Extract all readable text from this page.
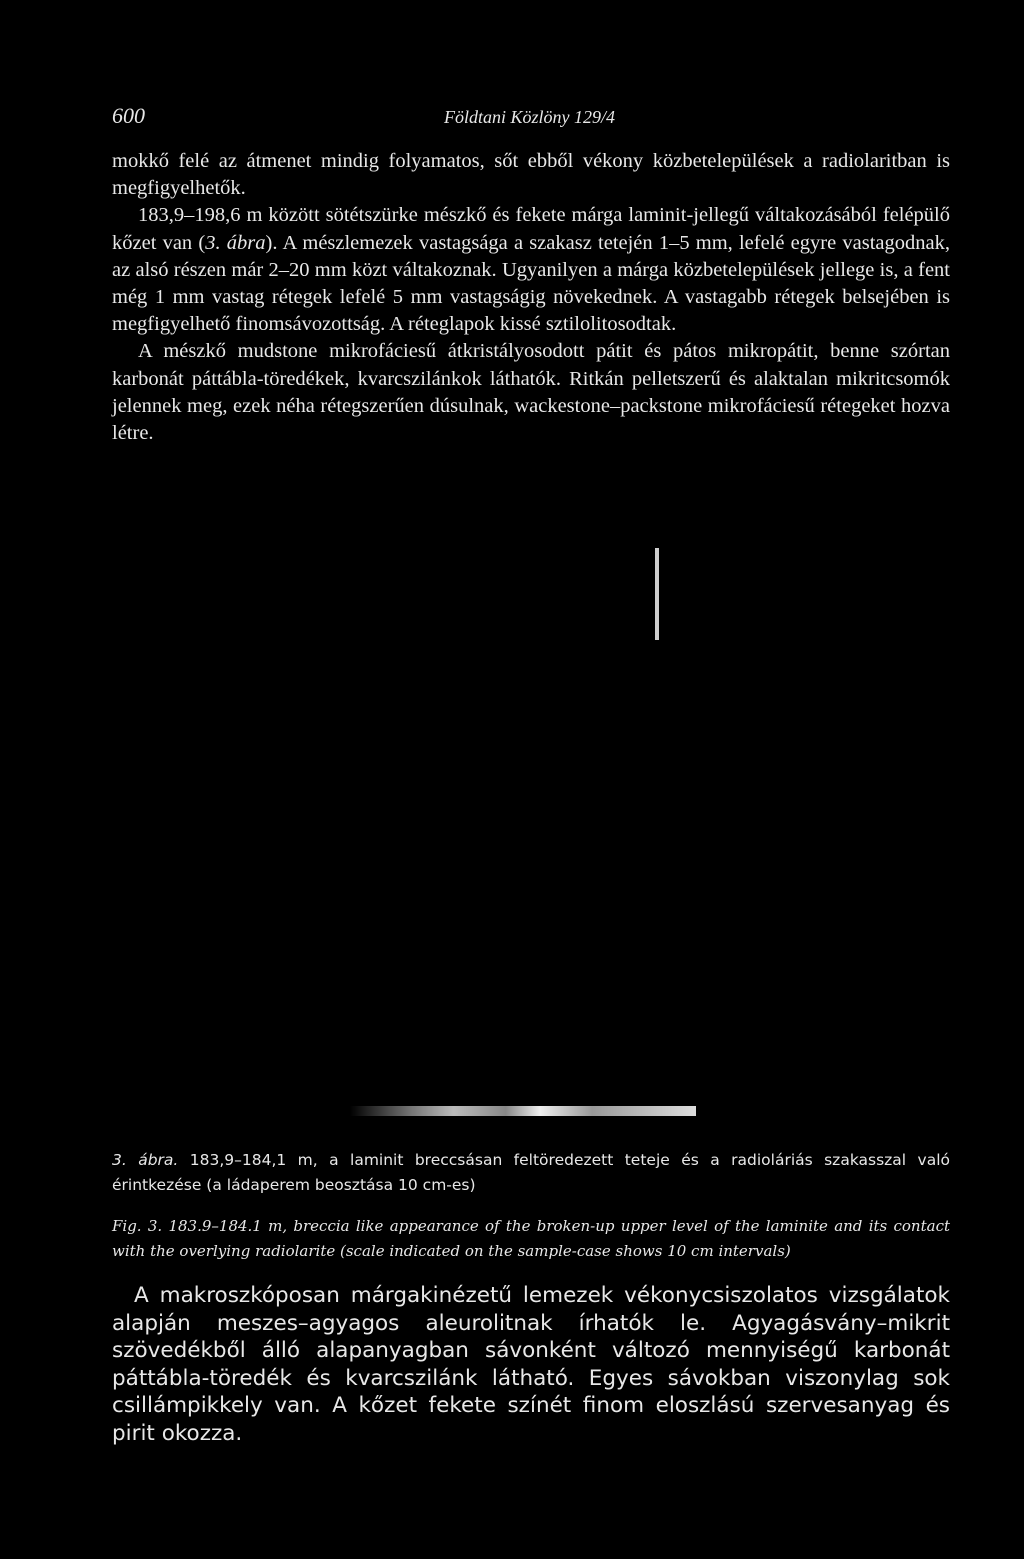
600	Földtani Közlöny 129/4

mokkő felé az átmenet mindig folyamatos, sőt ebből vékony közbetelepülések a radiolaritban is megfigyelhetők.

183,9–198,6 m között sötétszürke mészkő és fekete márga laminit-jellegű váltakozásából felépülő kőzet van (3. ábra). A mészlemezek vastagsága a szakasz tetején 1–5 mm, lefelé egyre vastagodnak, az alsó részen már 2–20 mm közt váltakoznak. Ugyanilyen a márga közbetelepülések jellege is, a fent még 1 mm vastag rétegek lefelé 5 mm vastagságig növekednek. A vastagabb rétegek belsejében is megfigyelhető finomsávozottság. A réteglapok kissé sztilolitosodtak.

A mészkő mudstone mikrofáciesű átkristályosodott pátit és pátos mikropátit, benne szórtan karbonát páttábla-töredékek, kvarcszilánkok láthatók. Ritkán pelletszerű és alaktalan mikritcsomók jelennek meg, ezek néha rétegszerűen dúsulnak, wackestone–packstone mikrofáciesű rétegeket hozva létre.

3. ábra. 183,9–184,1 m, a laminit breccsásan feltöredezett teteje és a radioláriás szakasszal való érintkezése (a ládaperem beosztása 10 cm-es)

Fig. 3. 183.9–184.1 m, breccia like appearance of the broken-up upper level of the laminite and its contact with the overlying radiolarite (scale indicated on the sample-case shows 10 cm intervals)

A makroszkóposan márgakinézetű lemezek vékonycsiszolatos vizsgálatok alapján meszes–agyagos aleurolitnak írhatók le. Agyagásvány–mikrit szövedékből álló alapanyagban sávonként változó mennyiségű karbonát páttábla-töredék és kvarcszilánk látható. Egyes sávokban viszonylag sok csillámpikkely van. A kőzet fekete színét finom eloszlású szervesanyag és pirit okozza.
